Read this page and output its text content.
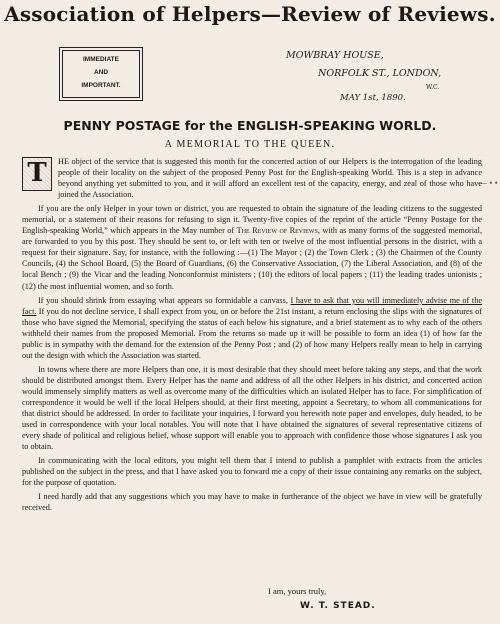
Association of Helpers—Review of Reviews.
IMMEDIATE
AND
IMPORTANT.
MOWBRAY HOUSE,
NORFOLK ST., LONDON,
W.C.
MAY 1st, 1890.
PENNY POSTAGE for the ENGLISH-SPEAKING WORLD.
A MEMORIAL TO THE QUEEN.
— • •

T	HE object of the service that is suggested this month for the concerted action of our Helpers is the interrogation of the leading people of their locality on the subject of the proposed Penny Post for the English-speaking World. This is a step in advance beyond anything yet submitted to you, and it will afford an excellent test of the capacity, energy, and zeal of those who have joined the Association.

If you are the only Helper in your town or district, you are requested to obtain the signature of the leading citizens to the suggested memorial, or a statement of their reasons for refusing to sign it. Twenty-five copies of the reprint of the article “Penny Postage for the English-speaking World,” which appears in the May number of The Review of Reviews, with as many forms of the suggested memorial, are forwarded to you by this post. They should be sent to, or left with ten or twelve of the most influential persons in the district, with a request for their signature. Say, for instance, with the following :—(1) The Mayor ; (2) the Town Clerk ; (3) the Chairmen of the County Councils, (4) the School Board, (5) the Board of Guardians, (6) the Conservative Association, (7) the Liberal Association, and (8) of the local Bench ; (9) the Vicar and the leading Nonconformist ministers ; (10) the editors of local papers ; (11) the leading trades unionists ; (12) the most influential women, and so forth.

If you should shrink from essaying what appears so formidable a canvass, I have to ask that you will immediately advise me of the fact. If you do not decline service, I shall expect from you, on or before the 21st instant, a return enclosing the slips with the signatures of those who have signed the Memorial, specifying the status of each below his signature, and a brief statement as to why each of the others withheld their names from the proposed Memorial. From the returns so made up it will be possible to form an idea (1) of how far the public is in sympathy with the demand for the extension of the Penny Post ; and (2) of how many Helpers really mean to help in carrying out the design with which the Association was started.

In towns where there are more Helpers than one, it is most desirable that they should meet before taking any steps, and that the work should be distributed amongst them. Every Helper has the name and address of all the other Helpers in his district, and concerted action would immensely simplify matters as well as overcome many of the difficulties which an isolated Helper has to face. For simplification of correspondence it would be well if the local Helpers should, at their first meeting, appoint a Secretary, to whom all communications for that district should be addressed. In order to facilitate your inquiries, I forward you herewith note paper and envelopes, duly headed, to be used in correspondence with your local notables. You will note that I have obtained the signatures of several representative citizens of every shade of political and religious belief, whose support will enable you to approach with confidence those whose signatures I ask you to obtain.

In communicating with the local editors, you might tell them that I intend to publish a pamphlet with extracts from the articles published on the subject in the press, and that I have asked you to forward me a copy of their issue containing any remarks on the subject, for the purpose of quotation.

I need hardly add that any suggestions which you may have to make in furtherance of the object we have in view will be gratefully received.

I am, yours truly,
W. T. STEAD.
